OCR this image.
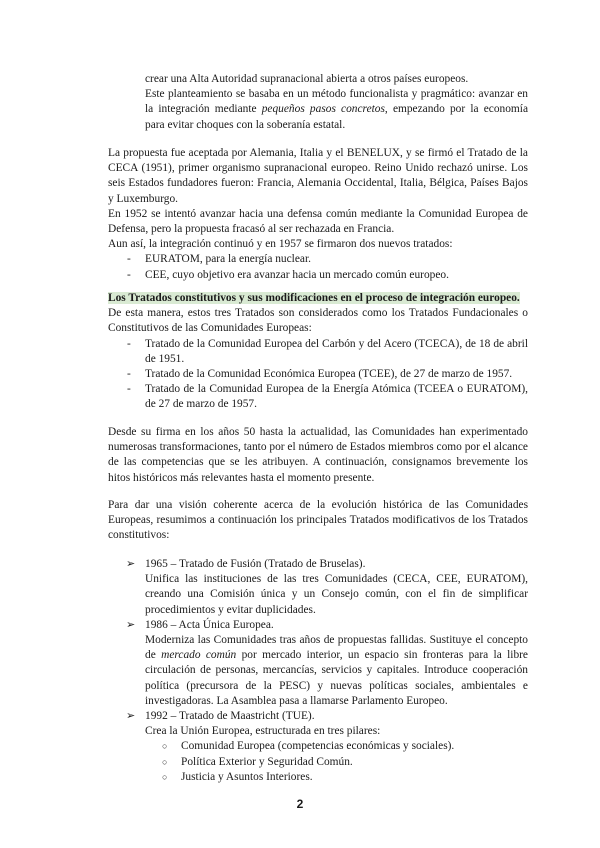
crear una Alta Autoridad supranacional abierta a otros países europeos.

Este planteamiento se basaba en un método funcionalista y pragmático: avanzar en la integración mediante pequeños pasos concretos, empezando por la economía para evitar choques con la soberanía estatal.

La propuesta fue aceptada por Alemania, Italia y el BENELUX, y se firmó el Tratado de la CECA (1951), primer organismo supranacional europeo. Reino Unido rechazó unirse. Los seis Estados fundadores fueron: Francia, Alemania Occidental, Italia, Bélgica, Países Bajos y Luxemburgo.

En 1952 se intentó avanzar hacia una defensa común mediante la Comunidad Europea de Defensa, pero la propuesta fracasó al ser rechazada en Francia.

Aun así, la integración continuó y en 1957 se firmaron dos nuevos tratados:

- EURATOM, para la energía nuclear.
- CEE, cuyo objetivo era avanzar hacia un mercado común europeo.

Los Tratados constitutivos y sus modificaciones en el proceso de integración europeo.

De esta manera, estos tres Tratados son considerados como los Tratados Fundacionales o Constitutivos de las Comunidades Europeas:

- Tratado de la Comunidad Europea del Carbón y del Acero (TCECA), de 18 de abril de 1951.
- Tratado de la Comunidad Económica Europea (TCEE), de 27 de marzo de 1957.
- Tratado de la Comunidad Europea de la Energía Atómica (TCEEA o EURATOM), de 27 de marzo de 1957.

Desde su firma en los años 50 hasta la actualidad, las Comunidades han experimentado numerosas transformaciones, tanto por el número de Estados miembros como por el alcance de las competencias que se les atribuyen. A continuación, consignamos brevemente los hitos históricos más relevantes hasta el momento presente.

Para dar una visión coherente acerca de la evolución histórica de las Comunidades Europeas, resumimos a continuación los principales Tratados modificativos de los Tratados constitutivos:

➢ 1965 – Tratado de Fusión (Tratado de Bruselas).

Unifica las instituciones de las tres Comunidades (CECA, CEE, EURATOM), creando una Comisión única y un Consejo común, con el fin de simplificar procedimientos y evitar duplicidades.

➢ 1986 – Acta Única Europea.

Moderniza las Comunidades tras años de propuestas fallidas. Sustituye el concepto de mercado común por mercado interior, un espacio sin fronteras para la libre circulación de personas, mercancías, servicios y capitales. Introduce cooperación política (precursora de la PESC) y nuevas políticas sociales, ambientales e investigadoras. La Asamblea pasa a llamarse Parlamento Europeo.

➢ 1992 – Tratado de Maastricht (TUE).

Crea la Unión Europea, estructurada en tres pilares:

○ Comunidad Europea (competencias económicas y sociales).
○ Política Exterior y Seguridad Común.
○ Justicia y Asuntos Interiores.
2
